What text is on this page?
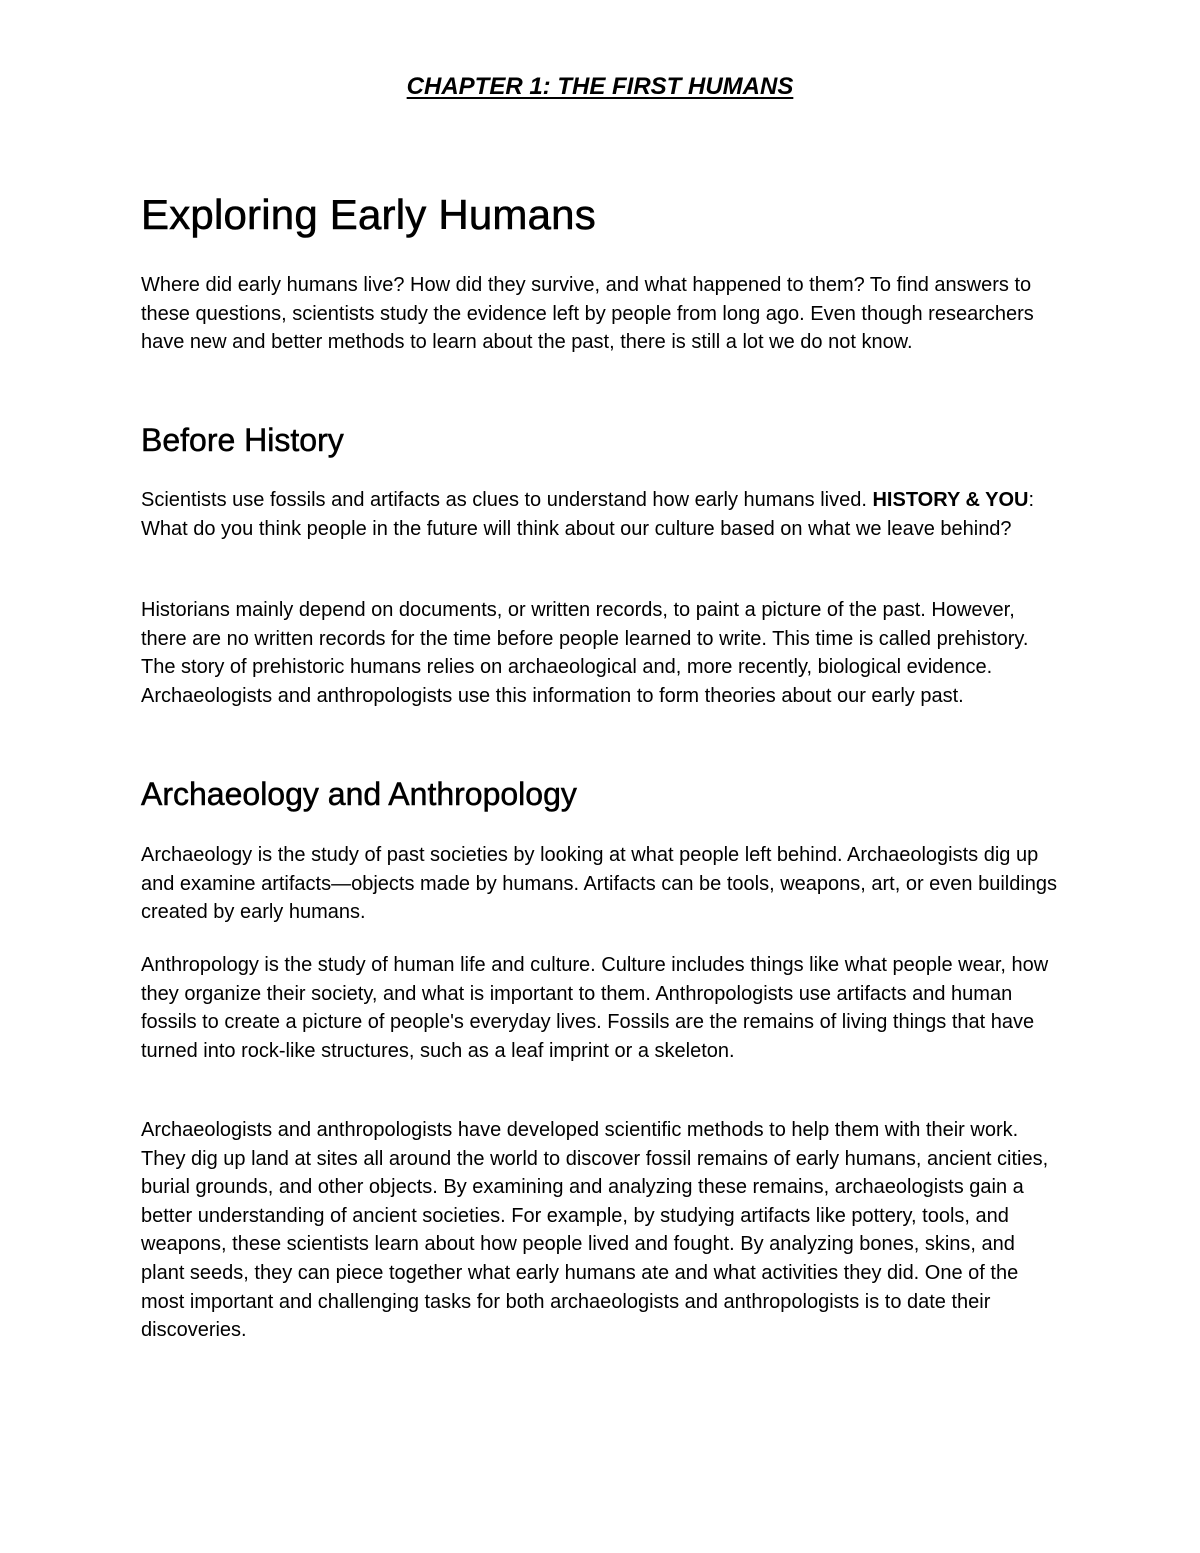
CHAPTER 1: THE FIRST HUMANS
Exploring Early Humans

Where did early humans live? How did they survive, and what happened to them? To find answers to these questions, scientists study the evidence left by people from long ago. Even though researchers have new and better methods to learn about the past, there is still a lot we do not know.

Before History

Scientists use fossils and artifacts as clues to understand how early humans lived. HISTORY & YOU: What do you think people in the future will think about our culture based on what we leave behind?

Historians mainly depend on documents, or written records, to paint a picture of the past. However, there are no written records for the time before people learned to write. This time is called prehistory. The story of prehistoric humans relies on archaeological and, more recently, biological evidence. Archaeologists and anthropologists use this information to form theories about our early past.

Archaeology and Anthropology

Archaeology is the study of past societies by looking at what people left behind. Archaeologists dig up and examine artifacts—objects made by humans. Artifacts can be tools, weapons, art, or even buildings created by early humans.

Anthropology is the study of human life and culture. Culture includes things like what people wear, how they organize their society, and what is important to them. Anthropologists use artifacts and human fossils to create a picture of people's everyday lives. Fossils are the remains of living things that have turned into rock-like structures, such as a leaf imprint or a skeleton.

Archaeologists and anthropologists have developed scientific methods to help them with their work. They dig up land at sites all around the world to discover fossil remains of early humans, ancient cities, burial grounds, and other objects. By examining and analyzing these remains, archaeologists gain a better understanding of ancient societies. For example, by studying artifacts like pottery, tools, and weapons, these scientists learn about how people lived and fought. By analyzing bones, skins, and plant seeds, they can piece together what early humans ate and what activities they did. One of the most important and challenging tasks for both archaeologists and anthropologists is to date their discoveries.
